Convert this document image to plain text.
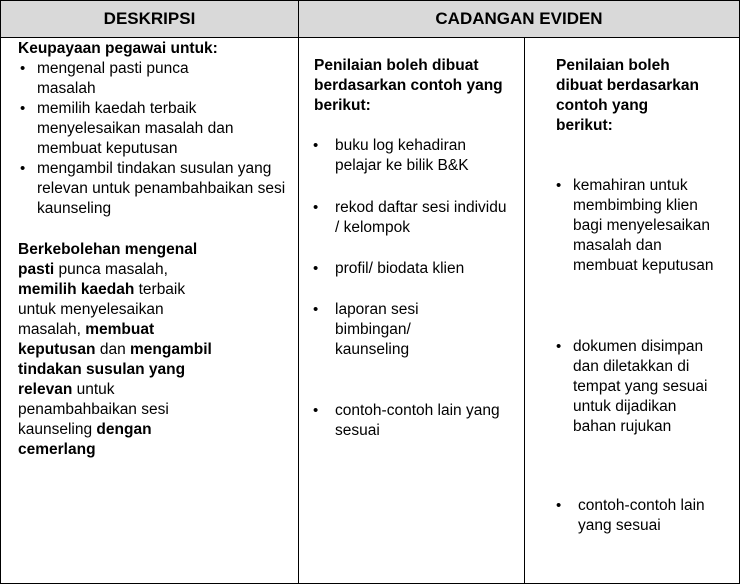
DESKRIPSI	CADANGAN EVIDEN
Keupayaan pegawai untuk:
• mengenal pasti punca masalah
• memilih kaedah terbaik menyelesaikan masalah dan membuat keputusan
• mengambil tindakan susulan yang relevan untuk penambahbaikan sesi kaunseling
Berkebolehan mengenal pasti punca masalah, memilih kaedah terbaik untuk menyelesaikan masalah, membuat keputusan dan mengambil tindakan susulan yang relevan untuk penambahbaikan sesi kaunseling dengan cemerlang
Penilaian boleh dibuat berdasarkan contoh yang berikut:
• buku log kehadiran pelajar ke bilik B&K
• rekod daftar sesi individu / kelompok
• profil/ biodata klien
• laporan sesi bimbingan/ kaunseling
• contoh-contoh lain yang sesuai
Penilaian boleh dibuat berdasarkan contoh yang berikut:
• kemahiran untuk membimbing klien bagi menyelesaikan masalah dan membuat keputusan
• dokumen disimpan dan diletakkan di tempat yang sesuai untuk dijadikan bahan rujukan
• contoh-contoh lain yang sesuai
